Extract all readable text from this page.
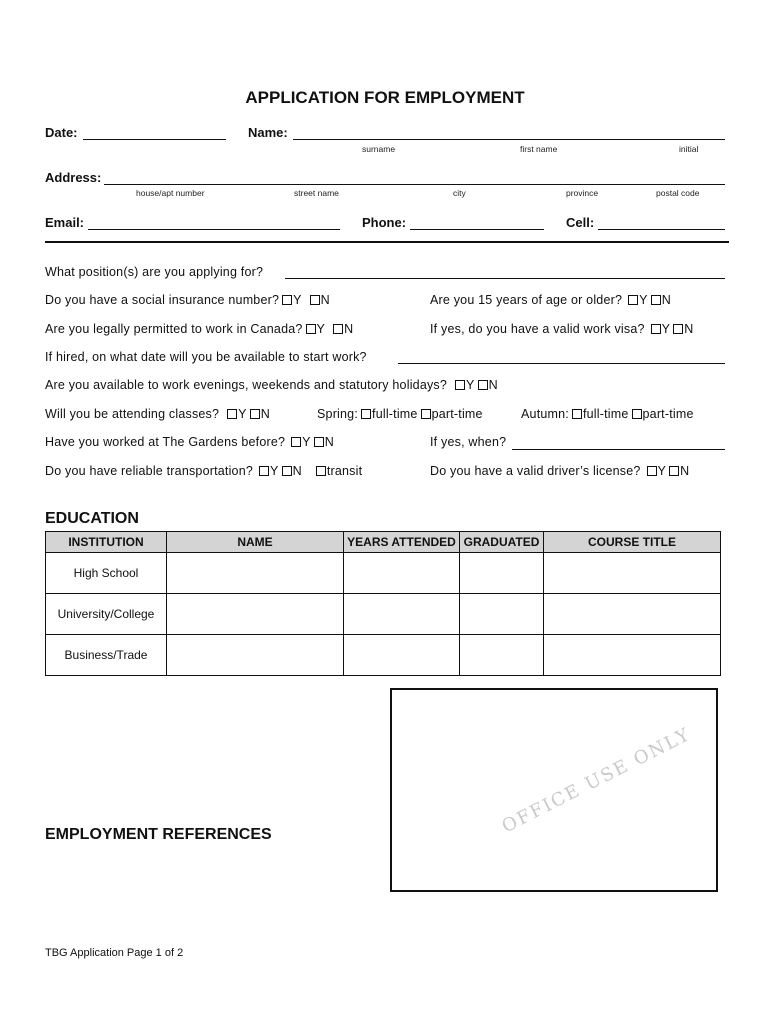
APPLICATION FOR EMPLOYMENT
Date:	Name:
surname	first name	initial
Address:
house/apt number	street name	city	province	postal code
Email:	Phone:	Cell:
What position(s) are you applying for?
Do you have a social insurance number? Y N	Are you 15 years of age or older? Y N
Are you legally permitted to work in Canada? Y N	If yes, do you have a valid work visa? Y N
If hired, on what date will you be available to start work?
Are you available to work evenings, weekends and statutory holidays? Y N
Will you be attending classes? Y N	Spring: full-time part-time	Autumn: full-time part-time
Have you worked at The Gardens before? Y N	If yes, when?
Do you have reliable transportation? Y N transit	Do you have a valid driver’s license? Y N
EDUCATION
INSTITUTION	NAME	YEARS ATTENDED	GRADUATED	COURSE TITLE
High School				
University/College				
Business/Trade				
OFFICE USE ONLY
EMPLOYMENT REFERENCES
TBG Application Page 1 of 2
